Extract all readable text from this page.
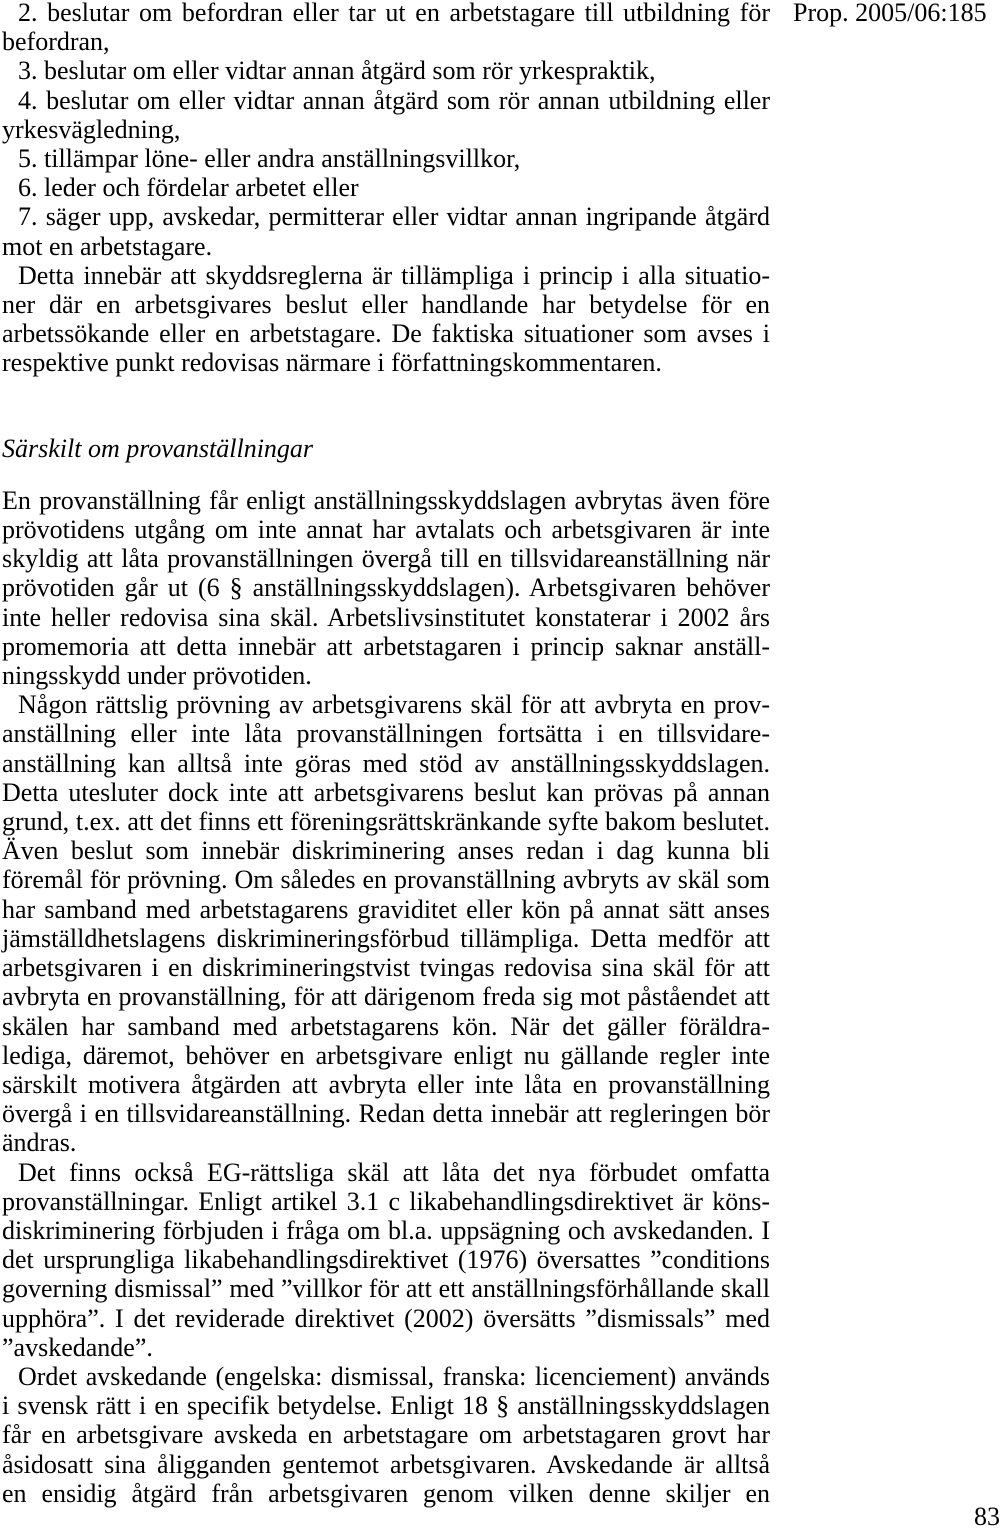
Prop. 2005/06:185
2. beslutar om befordran eller tar ut en arbetstagare till utbildning för
befordran,
3. beslutar om eller vidtar annan åtgärd som rör yrkespraktik,
4. beslutar om eller vidtar annan åtgärd som rör annan utbildning eller
yrkesvägledning,
5. tillämpar löne- eller andra anställningsvillkor,
6. leder och fördelar arbetet eller
7. säger upp, avskedar, permitterar eller vidtar annan ingripande åtgärd
mot en arbetstagare.
Detta innebär att skyddsreglerna är tillämpliga i princip i alla situatio-
ner där en arbetsgivares beslut eller handlande har betydelse för en
arbetssökande eller en arbetstagare. De faktiska situationer som avses i
respektive punkt redovisas närmare i författningskommentaren.
Särskilt om provanställningar
En provanställning får enligt anställningsskyddslagen avbrytas även före
prövotidens utgång om inte annat har avtalats och arbetsgivaren är inte
skyldig att låta provanställningen övergå till en tillsvidareanställning när
prövotiden går ut (6 § anställningsskyddslagen). Arbetsgivaren behöver
inte heller redovisa sina skäl. Arbetslivsinstitutet konstaterar i 2002 års
promemoria att detta innebär att arbetstagaren i princip saknar anställ-
ningsskydd under prövotiden.
Någon rättslig prövning av arbetsgivarens skäl för att avbryta en prov-
anställning eller inte låta provanställningen fortsätta i en tillsvidare-
anställning kan alltså inte göras med stöd av anställningsskyddslagen.
Detta utesluter dock inte att arbetsgivarens beslut kan prövas på annan
grund, t.ex. att det finns ett föreningsrättskränkande syfte bakom beslutet.
Även beslut som innebär diskriminering anses redan i dag kunna bli
föremål för prövning. Om således en provanställning avbryts av skäl som
har samband med arbetstagarens graviditet eller kön på annat sätt anses
jämställdhetslagens diskrimineringsförbud tillämpliga. Detta medför att
arbetsgivaren i en diskrimineringstvist tvingas redovisa sina skäl för att
avbryta en provanställning, för att därigenom freda sig mot påståendet att
skälen har samband med arbetstagarens kön. När det gäller föräldra-
lediga, däremot, behöver en arbetsgivare enligt nu gällande regler inte
särskilt motivera åtgärden att avbryta eller inte låta en provanställning
övergå i en tillsvidareanställning. Redan detta innebär att regleringen bör
ändras.
Det finns också EG-rättsliga skäl att låta det nya förbudet omfatta
provanställningar. Enligt artikel 3.1 c likabehandlingsdirektivet är köns-
diskriminering förbjuden i fråga om bl.a. uppsägning och avskedanden. I
det ursprungliga likabehandlingsdirektivet (1976) översattes ”conditions
governing dismissal” med ”villkor för att ett anställningsförhållande skall
upphöra”. I det reviderade direktivet (2002) översätts ”dismissals” med
”avskedande”.
Ordet avskedande (engelska: dismissal, franska: licenciement) används
i svensk rätt i en specifik betydelse. Enligt 18 § anställningsskyddslagen
får en arbetsgivare avskeda en arbetstagare om arbetstagaren grovt har
åsidosatt sina åligganden gentemot arbetsgivaren. Avskedande är alltså
en ensidig åtgärd från arbetsgivaren genom vilken denne skiljer en
83
